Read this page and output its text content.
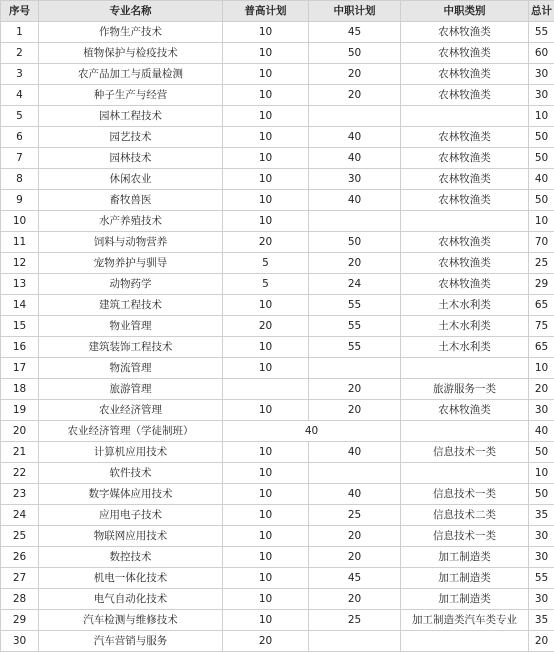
序号	专业名称	普高计划	中职计划	中职类别	总计
1	作物生产技术	10	45	农林牧渔类	55
2	植物保护与检疫技术	10	50	农林牧渔类	60
3	农产品加工与质量检测	10	20	农林牧渔类	30
4	种子生产与经营	10	20	农林牧渔类	30
5	园林工程技术	10			10
6	园艺技术	10	40	农林牧渔类	50
7	园林技术	10	40	农林牧渔类	50
8	休闲农业	10	30	农林牧渔类	40
9	畜牧兽医	10	40	农林牧渔类	50
10	水产养殖技术	10			10
11	饲料与动物营养	20	50	农林牧渔类	70
12	宠物养护与驯导	5	20	农林牧渔类	25
13	动物药学	5	24	农林牧渔类	29
14	建筑工程技术	10	55	土木水利类	65
15	物业管理	20	55	土木水利类	75
16	建筑装饰工程技术	10	55	土木水利类	65
17	物流管理	10			10
18	旅游管理		20	旅游服务一类	20
19	农业经济管理	10	20	农林牧渔类	30
20	农业经济管理（学徒制班）	40			40
21	计算机应用技术	10	40	信息技术一类	50
22	软件技术	10			10
23	数字媒体应用技术	10	40	信息技术一类	50
24	应用电子技术	10	25	信息技术二类	35
25	物联网应用技术	10	20	信息技术一类	30
26	数控技术	10	20	加工制造类	30
27	机电一体化技术	10	45	加工制造类	55
28	电气自动化技术	10	20	加工制造类	30
29	汽车检测与维修技术	10	25	加工制造类汽车类专业	35
30	汽车营销与服务	20			20
